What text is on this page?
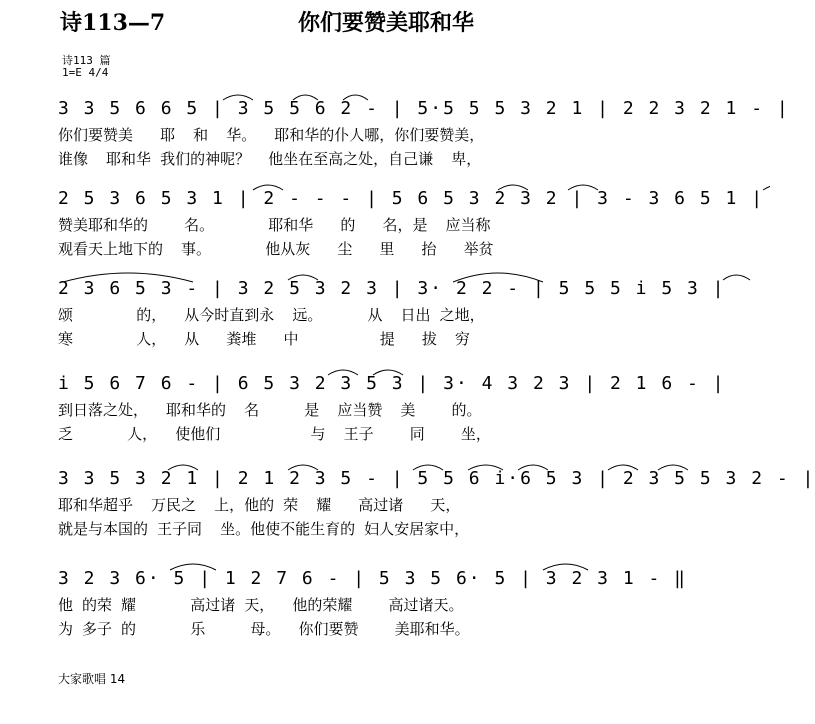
诗113—7	你们要赞美耶和华
诗113 篇
1=E 4/4
3 3 5 6 6 5 | 3 5 5 6 2 - | 5·5 5 5 3 2 1 | 2 2 3 2 1 - |
你们要赞美   耶  和  华。  耶和华的仆人哪，你们要赞美，
谁像  耶和华 我们的神呢？  他坐在至高之处，自己谦  卑，
2 5 3 6 5 3 1 | 2 - - - | 5 6 5 3 2 3 2 | 3 - 3 6 5 1 |
赞美耶和华的    名。      耶和华   的   名，是  应当称
观看天上地下的  事。      他从灰   尘   里   抬   举贫
2 3 6 5 3 - | 3 2 5 3 2 3 | 3· 2 2 - | 5 5 5 i 5 3 |
颂       的，  从今时直到永  远。     从  日出 之地，
寒       人，  从   粪堆   中         提   拔  穷
i 5 6 7 6 - | 6 5 3 2 3 5 3 | 3· 4 3 2 3 | 2 1 6 - |
到日落之处，  耶和华的  名     是  应当赞  美    的。
乏      人，  使他们          与  王子    同    坐，
3 3 5 3 2 1 | 2 1 2 3 5 - | 5 5 6 i·6 5 3 | 2 3 5 5 3 2 - |
耶和华超乎  万民之  上，他的 荣  耀   高过诸   天，
就是与本国的 王子同  坐。他使不能生育的 妇人安居家中，
3 2 3 6· 5 | 1 2 7 6 - | 5 3 5 6· 5 | 3 2 3 1 - ‖
他 的荣 耀      高过诸 天，  他的荣耀    高过诸天。
为 多子 的      乐     母。  你们要赞    美耶和华。
大家歌唱 14
